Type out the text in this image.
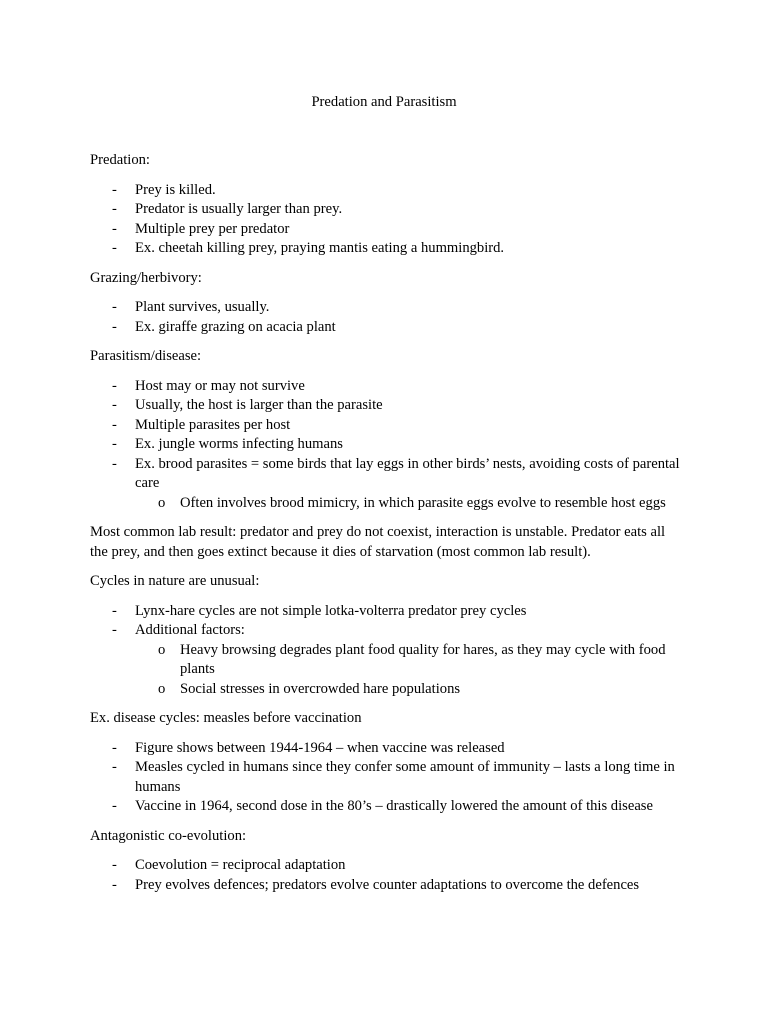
Predation and Parasitism

Predation:

- Prey is killed.
- Predator is usually larger than prey.
- Multiple prey per predator
- Ex. cheetah killing prey, praying mantis eating a hummingbird.

Grazing/herbivory:

- Plant survives, usually.
- Ex. giraffe grazing on acacia plant

Parasitism/disease:

- Host may or may not survive
- Usually, the host is larger than the parasite
- Multiple parasites per host
- Ex. jungle worms infecting humans
- Ex. brood parasites = some birds that lay eggs in other birds’ nests, avoiding costs of parental care
o Often involves brood mimicry, in which parasite eggs evolve to resemble host eggs

Most common lab result: predator and prey do not coexist, interaction is unstable. Predator eats all the prey, and then goes extinct because it dies of starvation (most common lab result).

Cycles in nature are unusual:

- Lynx-hare cycles are not simple lotka-volterra predator prey cycles
- Additional factors:
o Heavy browsing degrades plant food quality for hares, as they may cycle with food plants
o Social stresses in overcrowded hare populations

Ex. disease cycles: measles before vaccination

- Figure shows between 1944-1964 – when vaccine was released
- Measles cycled in humans since they confer some amount of immunity – lasts a long time in humans
- Vaccine in 1964, second dose in the 80’s – drastically lowered the amount of this disease

Antagonistic co-evolution:

- Coevolution = reciprocal adaptation
- Prey evolves defences; predators evolve counter adaptations to overcome the defences
